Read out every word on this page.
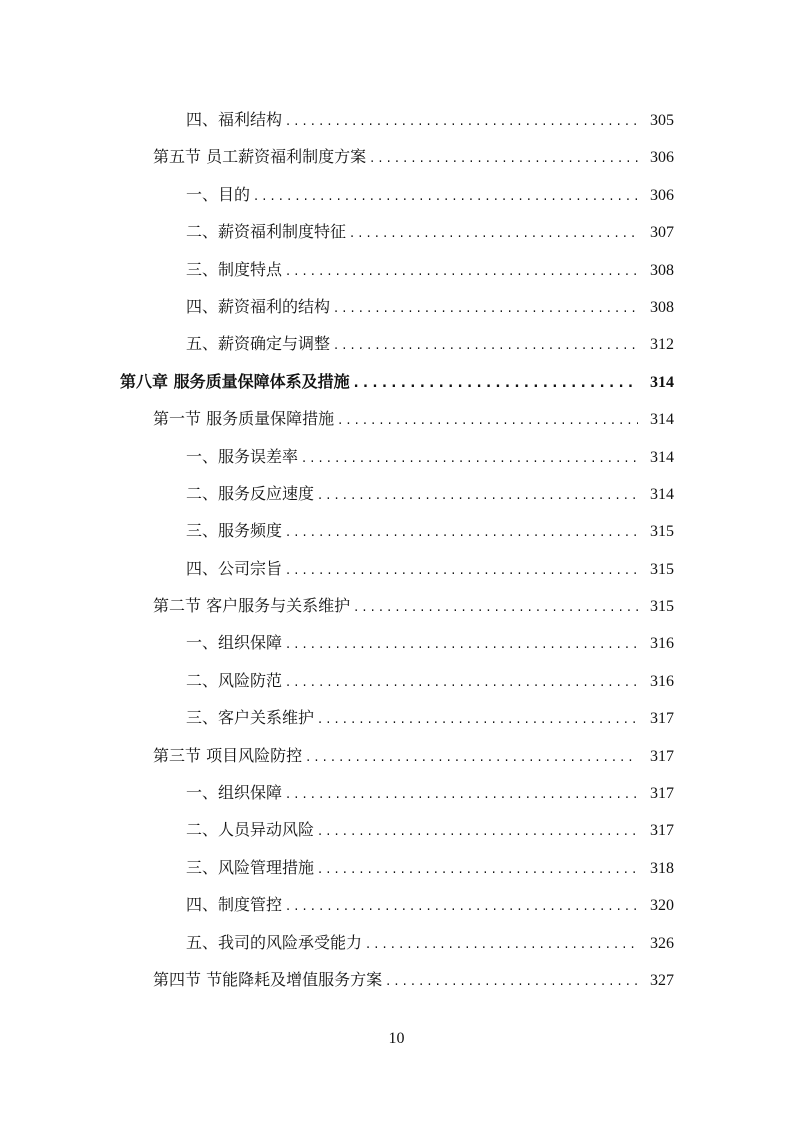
四、福利结构 . . .	305
第五节 员工薪资福利制度方案 . . .	306
一、目的 . . .	306
二、薪资福利制度特征 . . .	307
三、制度特点 . . .	308
四、薪资福利的结构 . . .	308
五、薪资确定与调整 . . .	312
第八章 服务质量保障体系及措施 . . .	314
第一节 服务质量保障措施 . . .	314
一、服务误差率 . . .	314
二、服务反应速度 . . .	314
三、服务频度 . . .	315
四、公司宗旨 . . .	315
第二节 客户服务与关系维护 . . .	315
一、组织保障 . . .	316
二、风险防范 . . .	316
三、客户关系维护 . . .	317
第三节 项目风险防控 . . .	317
一、组织保障 . . .	317
二、人员异动风险 . . .	317
三、风险管理措施 . . .	318
四、制度管控 . . .	320
五、我司的风险承受能力 . . .	326
第四节 节能降耗及增值服务方案 . . .	327
10
